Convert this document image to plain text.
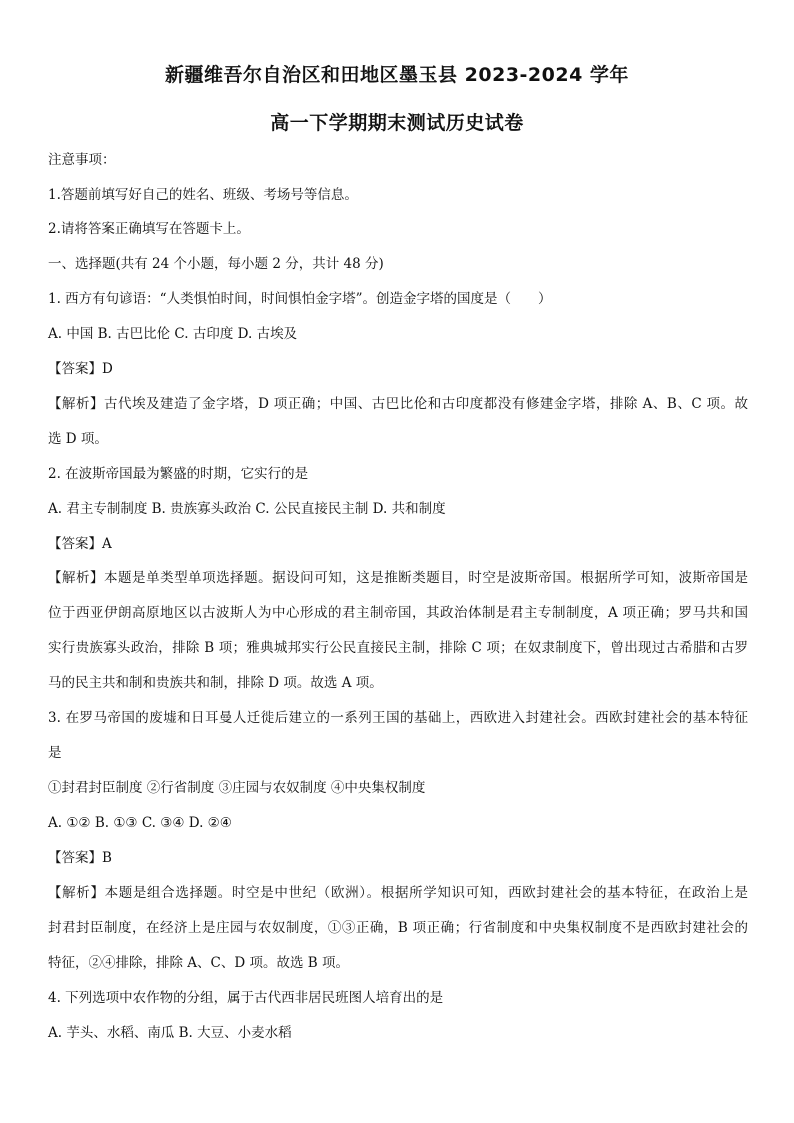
新疆维吾尔自治区和田地区墨玉县 2023-2024 学年
高一下学期期末测试历史试卷
注意事项：
1.答题前填写好自己的姓名、班级、考场号等信息。
2.请将答案正确填写在答题卡上。
一、选择题(共有 24 个小题，每小题 2 分，共计 48 分)
1. 西方有句谚语：“人类惧怕时间，时间惧怕金字塔”。创造金字塔的国度是（　　）
A. 中国 B. 古巴比伦 C. 古印度 D. 古埃及
【答案】D
【解析】古代埃及建造了金字塔，D 项正确；中国、古巴比伦和古印度都没有修建金字塔，排除 A、B、C 项。故
选 D 项。
2. 在波斯帝国最为繁盛的时期，它实行的是
A. 君主专制制度 B. 贵族寡头政治 C. 公民直接民主制 D. 共和制度
【答案】A
【解析】本题是单类型单项选择题。据设问可知，这是推断类题目，时空是波斯帝国。根据所学可知，波斯帝国是
位于西亚伊朗高原地区以古波斯人为中心形成的君主制帝国，其政治体制是君主专制制度，A 项正确；罗马共和国
实行贵族寡头政治，排除 B 项；雅典城邦实行公民直接民主制，排除 C 项；在奴隶制度下，曾出现过古希腊和古罗
马的民主共和制和贵族共和制，排除 D 项。故选 A 项。
3. 在罗马帝国的废墟和日耳曼人迁徙后建立的一系列王国的基础上，西欧进入封建社会。西欧封建社会的基本特征
是
①封君封臣制度 ②行省制度 ③庄园与农奴制度 ④中央集权制度
A. ①② B. ①③ C. ③④ D. ②④
【答案】B
【解析】本题是组合选择题。时空是中世纪（欧洲）。根据所学知识可知，西欧封建社会的基本特征，在政治上是
封君封臣制度，在经济上是庄园与农奴制度，①③正确，B 项正确；行省制度和中央集权制度不是西欧封建社会的
特征，②④排除，排除 A、C、D 项。故选 B 项。
4. 下列选项中农作物的分组，属于古代西非居民班图人培育出的是
A. 芋头、水稻、南瓜 B. 大豆、小麦水稻
